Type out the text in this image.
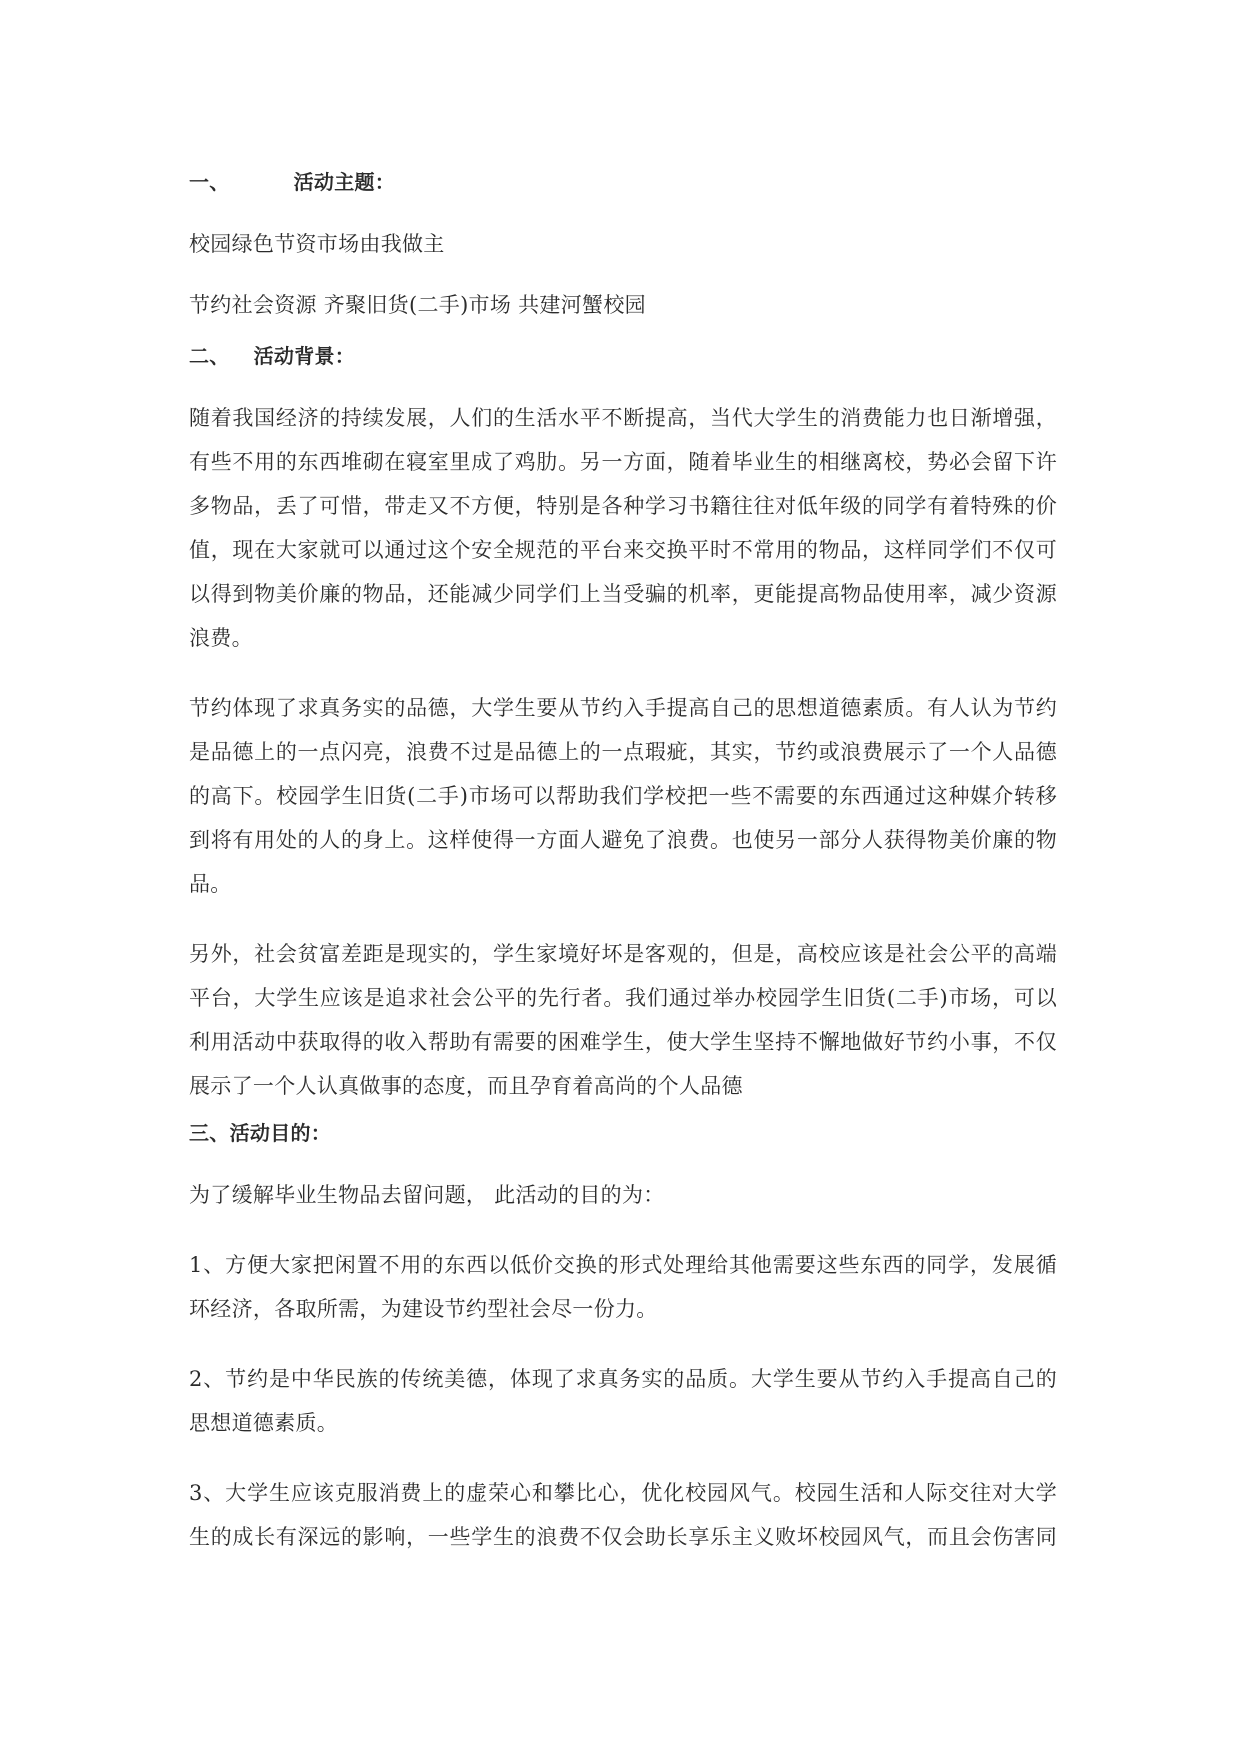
一、	活动主题：
校园绿色节资市场由我做主
节约社会资源 齐聚旧货(二手)市场 共建河蟹校园
二、 活动背景：
随着我国经济的持续发展，人们的生活水平不断提高，当代大学生的消费能力也日渐增强，
有些不用的东西堆砌在寝室里成了鸡肋。另一方面，随着毕业生的相继离校，势必会留下许
多物品，丢了可惜，带走又不方便，特别是各种学习书籍往往对低年级的同学有着特殊的价
值，现在大家就可以通过这个安全规范的平台来交换平时不常用的物品，这样同学们不仅可
以得到物美价廉的物品，还能减少同学们上当受骗的机率，更能提高物品使用率，减少资源
浪费。
节约体现了求真务实的品德，大学生要从节约入手提高自己的思想道德素质。有人认为节约
是品德上的一点闪亮，浪费不过是品德上的一点瑕疵，其实，节约或浪费展示了一个人品德
的高下。校园学生旧货(二手)市场可以帮助我们学校把一些不需要的东西通过这种媒介转移
到将有用处的人的身上。这样使得一方面人避免了浪费。也使另一部分人获得物美价廉的物
品。
另外，社会贫富差距是现实的，学生家境好坏是客观的，但是，高校应该是社会公平的高端
平台，大学生应该是追求社会公平的先行者。我们通过举办校园学生旧货(二手)市场，可以
利用活动中获取得的收入帮助有需要的困难学生，使大学生坚持不懈地做好节约小事，不仅
展示了一个人认真做事的态度，而且孕育着高尚的个人品德
三、活动目的：
为了缓解毕业生物品去留问题， 此活动的目的为：
1、方便大家把闲置不用的东西以低价交换的形式处理给其他需要这些东西的同学，发展循
环经济，各取所需，为建设节约型社会尽一份力。
2、节约是中华民族的传统美德，体现了求真务实的品质。大学生要从节约入手提高自己的
思想道德素质。
3、大学生应该克服消费上的虚荣心和攀比心，优化校园风气。校园生活和人际交往对大学
生的成长有深远的影响，一些学生的浪费不仅会助长享乐主义败坏校园风气，而且会伤害同
